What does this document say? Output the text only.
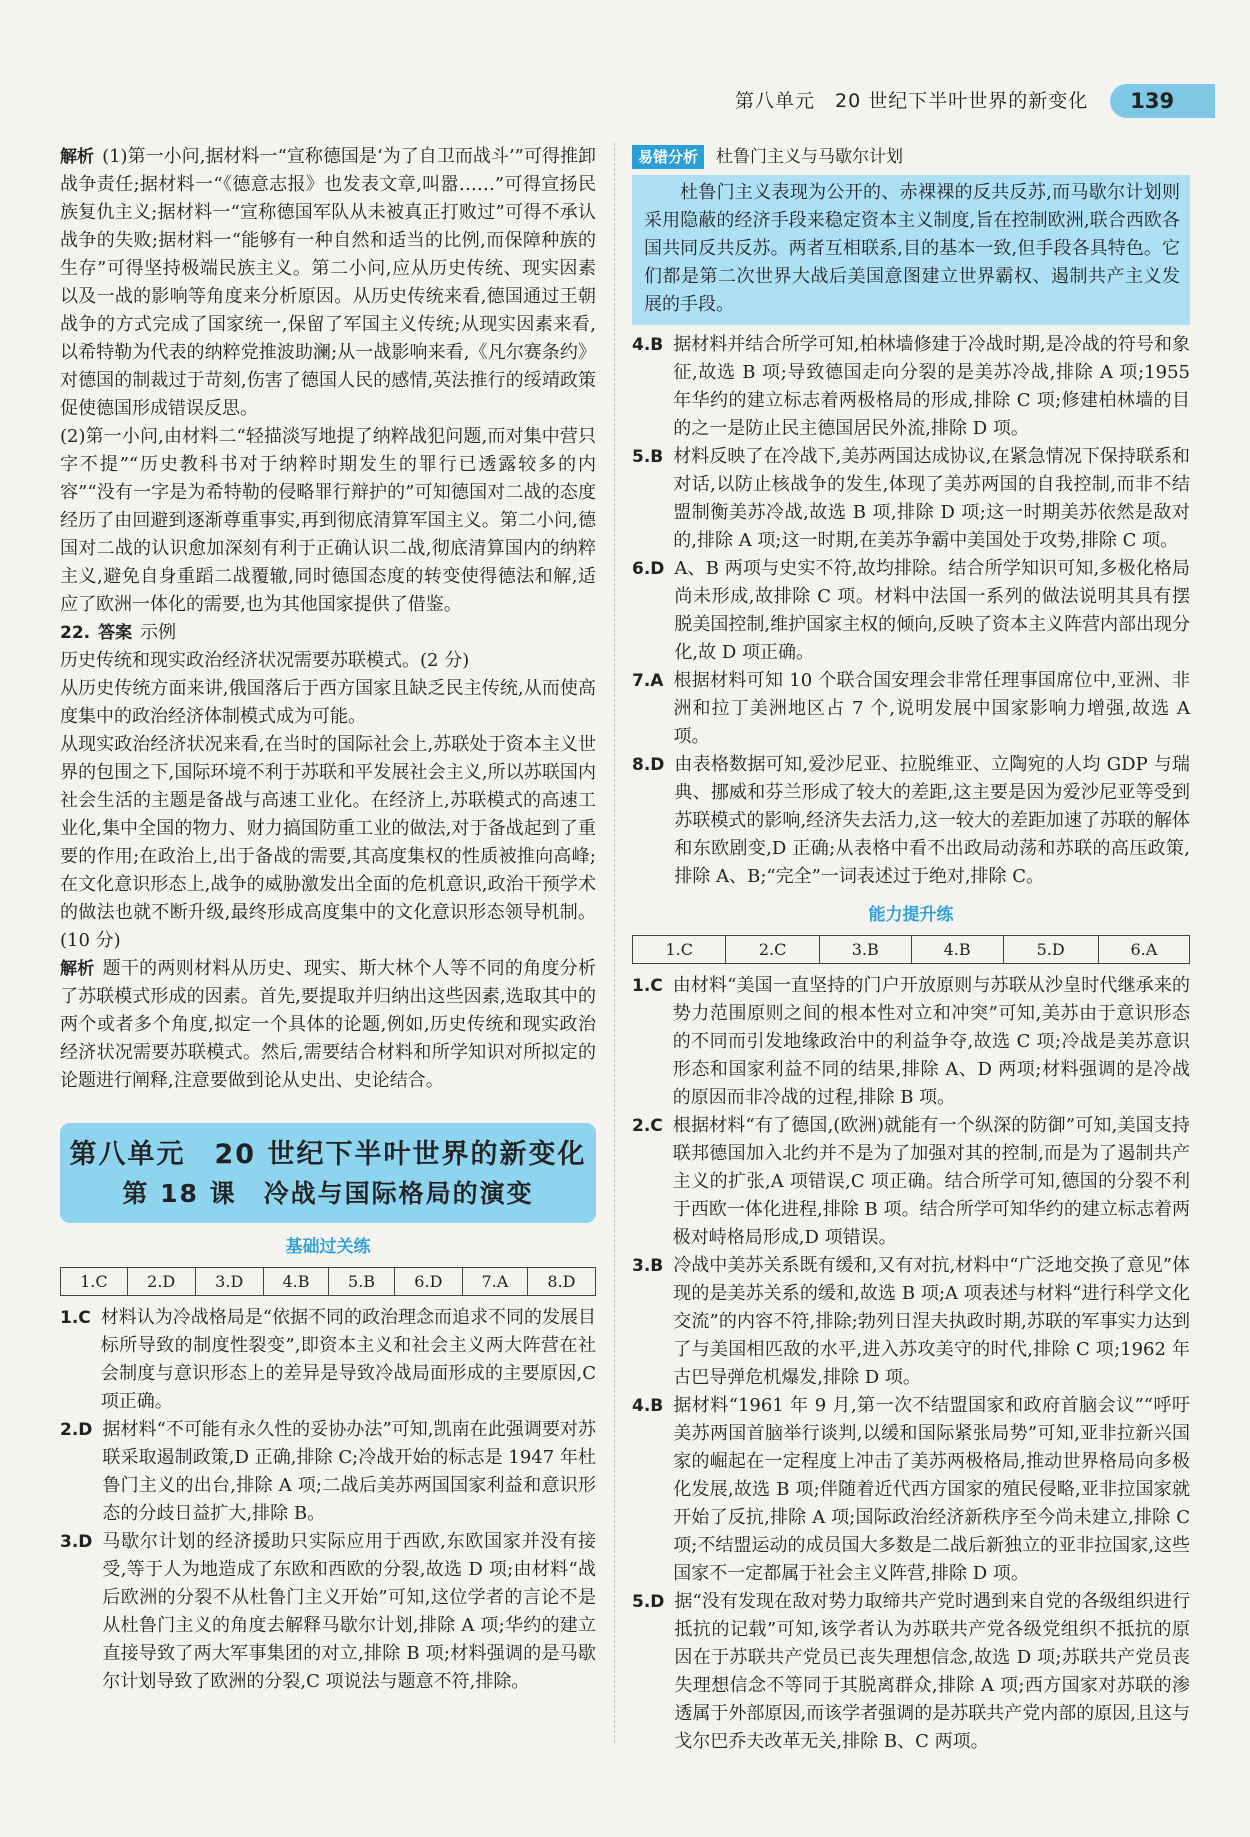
第八单元　20 世纪下半叶世界的新变化	139

解析 (1)第一小问,据材料一“宣称德国是‘为了自卫而战斗’”可得推卸战争责任;据材料一“《德意志报》也发表文章,叫嚣……”可得宣扬民族复仇主义;据材料一“宣称德国军队从未被真正打败过”可得不承认战争的失败;据材料一“能够有一种自然和适当的比例,而保障种族的生存”可得坚持极端民族主义。第二小问,应从历史传统、现实因素以及一战的影响等角度来分析原因。从历史传统来看,德国通过王朝战争的方式完成了国家统一,保留了军国主义传统;从现实因素来看,以希特勒为代表的纳粹党推波助澜;从一战影响来看,《凡尔赛条约》对德国的制裁过于苛刻,伤害了德国人民的感情,英法推行的绥靖政策促使德国形成错误反思。

(2)第一小问,由材料二“轻描淡写地提了纳粹战犯问题,而对集中营只字不提”“历史教科书对于纳粹时期发生的罪行已透露较多的内容”“没有一字是为希特勒的侵略罪行辩护的”可知德国对二战的态度经历了由回避到逐渐尊重事实,再到彻底清算军国主义。第二小问,德国对二战的认识愈加深刻有利于正确认识二战,彻底清算国内的纳粹主义,避免自身重蹈二战覆辙,同时德国态度的转变使得德法和解,适应了欧洲一体化的需要,也为其他国家提供了借鉴。

22. 答案 示例

历史传统和现实政治经济状况需要苏联模式。(2 分)

从历史传统方面来讲,俄国落后于西方国家且缺乏民主传统,从而使高度集中的政治经济体制模式成为可能。

从现实政治经济状况来看,在当时的国际社会上,苏联处于资本主义世界的包围之下,国际环境不利于苏联和平发展社会主义,所以苏联国内社会生活的主题是备战与高速工业化。在经济上,苏联模式的高速工业化,集中全国的物力、财力搞国防重工业的做法,对于备战起到了重要的作用;在政治上,出于备战的需要,其高度集权的性质被推向高峰;在文化意识形态上,战争的威胁激发出全面的危机意识,政治干预学术的做法也就不断升级,最终形成高度集中的文化意识形态领导机制。(10 分)

解析 题干的两则材料从历史、现实、斯大林个人等不同的角度分析了苏联模式形成的因素。首先,要提取并归纳出这些因素,选取其中的两个或者多个角度,拟定一个具体的论题,例如,历史传统和现实政治经济状况需要苏联模式。然后,需要结合材料和所学知识对所拟定的论题进行阐释,注意要做到论从史出、史论结合。

第八单元　20 世纪下半叶世界的新变化
第 18 课　冷战与国际格局的演变
基础过关练
1.C	2.D	3.D	4.B	5.B	6.D	7.A	8.D
1.C 材料认为冷战格局是“依据不同的政治理念而追求不同的发展目标所导致的制度性裂变”,即资本主义和社会主义两大阵营在社会制度与意识形态上的差异是导致冷战局面形成的主要原因,C 项正确。
2.D 据材料“不可能有永久性的妥协办法”可知,凯南在此强调要对苏联采取遏制政策,D 正确,排除 C;冷战开始的标志是 1947 年杜鲁门主义的出台,排除 A 项;二战后美苏两国国家利益和意识形态的分歧日益扩大,排除 B。
3.D 马歇尔计划的经济援助只实际应用于西欧,东欧国家并没有接受,等于人为地造成了东欧和西欧的分裂,故选 D 项;由材料“战后欧洲的分裂不从杜鲁门主义开始”可知,这位学者的言论不是从杜鲁门主义的角度去解释马歇尔计划,排除 A 项;华约的建立直接导致了两大军事集团的对立,排除 B 项;材料强调的是马歇尔计划导致了欧洲的分裂,C 项说法与题意不符,排除。
易错分析	杜鲁门主义与马歇尔计划

杜鲁门主义表现为公开的、赤裸裸的反共反苏,而马歇尔计划则采用隐蔽的经济手段来稳定资本主义制度,旨在控制欧洲,联合西欧各国共同反共反苏。两者互相联系,目的基本一致,但手段各具特色。它们都是第二次世界大战后美国意图建立世界霸权、遏制共产主义发展的手段。

4.B 据材料并结合所学可知,柏林墙修建于冷战时期,是冷战的符号和象征,故选 B 项;导致德国走向分裂的是美苏冷战,排除 A 项;1955 年华约的建立标志着两极格局的形成,排除 C 项;修建柏林墙的目的之一是防止民主德国居民外流,排除 D 项。
5.B 材料反映了在冷战下,美苏两国达成协议,在紧急情况下保持联系和对话,以防止核战争的发生,体现了美苏两国的自我控制,而非不结盟制衡美苏冷战,故选 B 项,排除 D 项;这一时期美苏依然是敌对的,排除 A 项;这一时期,在美苏争霸中美国处于攻势,排除 C 项。
6.D A、B 两项与史实不符,故均排除。结合所学知识可知,多极化格局尚未形成,故排除 C 项。材料中法国一系列的做法说明其具有摆脱美国控制,维护国家主权的倾向,反映了资本主义阵营内部出现分化,故 D 项正确。
7.A 根据材料可知 10 个联合国安理会非常任理事国席位中,亚洲、非洲和拉丁美洲地区占 7 个,说明发展中国家影响力增强,故选 A 项。
8.D 由表格数据可知,爱沙尼亚、拉脱维亚、立陶宛的人均 GDP 与瑞典、挪威和芬兰形成了较大的差距,这主要是因为爱沙尼亚等受到苏联模式的影响,经济失去活力,这一较大的差距加速了苏联的解体和东欧剧变,D 正确;从表格中看不出政局动荡和苏联的高压政策,排除 A、B;“完全”一词表述过于绝对,排除 C。
能力提升练
1.C	2.C	3.B	4.B	5.D	6.A
1.C 由材料“美国一直坚持的门户开放原则与苏联从沙皇时代继承来的势力范围原则之间的根本性对立和冲突”可知,美苏由于意识形态的不同而引发地缘政治中的利益争夺,故选 C 项;冷战是美苏意识形态和国家利益不同的结果,排除 A、D 两项;材料强调的是冷战的原因而非冷战的过程,排除 B 项。
2.C 根据材料“有了德国,(欧洲)就能有一个纵深的防御”可知,美国支持联邦德国加入北约并不是为了加强对其的控制,而是为了遏制共产主义的扩张,A 项错误,C 项正确。结合所学可知,德国的分裂不利于西欧一体化进程,排除 B 项。结合所学可知华约的建立标志着两极对峙格局形成,D 项错误。
3.B 冷战中美苏关系既有缓和,又有对抗,材料中“广泛地交换了意见”体现的是美苏关系的缓和,故选 B 项;A 项表述与材料“进行科学文化交流”的内容不符,排除;勃列日涅夫执政时期,苏联的军事实力达到了与美国相匹敌的水平,进入苏攻美守的时代,排除 C 项;1962 年古巴导弹危机爆发,排除 D 项。
4.B 据材料“1961 年 9 月,第一次不结盟国家和政府首脑会议”“呼吁美苏两国首脑举行谈判,以缓和国际紧张局势”可知,亚非拉新兴国家的崛起在一定程度上冲击了美苏两极格局,推动世界格局向多极化发展,故选 B 项;伴随着近代西方国家的殖民侵略,亚非拉国家就开始了反抗,排除 A 项;国际政治经济新秩序至今尚未建立,排除 C 项;不结盟运动的成员国大多数是二战后新独立的亚非拉国家,这些国家不一定都属于社会主义阵营,排除 D 项。
5.D 据“没有发现在敌对势力取缔共产党时遇到来自党的各级组织进行抵抗的记载”可知,该学者认为苏联共产党各级党组织不抵抗的原因在于苏联共产党员已丧失理想信念,故选 D 项;苏联共产党员丧失理想信念不等同于其脱离群众,排除 A 项;西方国家对苏联的渗透属于外部原因,而该学者强调的是苏联共产党内部的原因,且这与戈尔巴乔夫改革无关,排除 B、C 两项。
